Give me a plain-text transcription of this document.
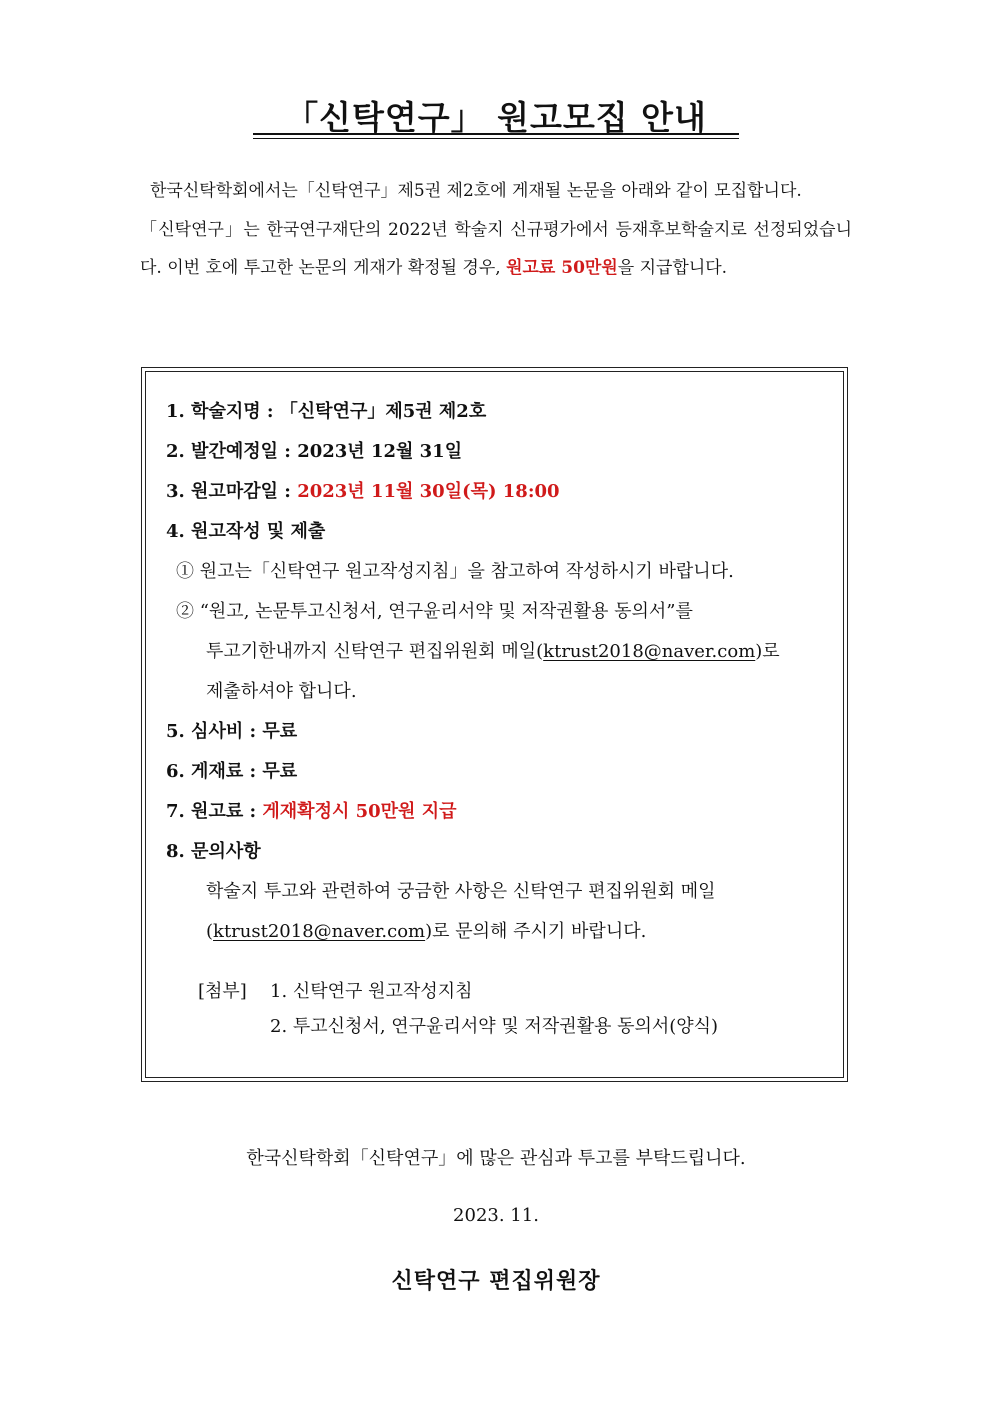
「신탁연구」 원고모집 안내

한국신탁학회에서는「신탁연구」제5권 제2호에 게재될 논문을 아래와 같이 모집합니다.

「신탁연구」는 한국연구재단의 2022년 학술지 신규평가에서 등재후보학술지로 선정되었습니다. 이번 호에 투고한 논문의 게재가 확정될 경우, 원고료 50만원을 지급합니다.

1. 학술지명 : 「신탁연구」제5권 제2호

2. 발간예정일 : 2023년 12월 31일

3. 원고마감일 : 2023년 11월 30일(목) 18:00

4. 원고작성 및 제출

① 원고는「신탁연구 원고작성지침」을 참고하여 작성하시기 바랍니다.

② “원고, 논문투고신청서, 연구윤리서약 및 저작권활용 동의서”를

투고기한내까지 신탁연구 편집위원회 메일(ktrust2018@naver.com)로

제출하셔야 합니다.

5. 심사비 : 무료

6. 게재료 : 무료

7. 원고료 : 게재확정시 50만원 지급

8. 문의사항

학술지 투고와 관련하여 궁금한 사항은 신탁연구 편집위원회 메일

(ktrust2018@naver.com)로 문의해 주시기 바랍니다.

[첨부] 1. 신탁연구 원고작성지침

2. 투고신청서, 연구윤리서약 및 저작권활용 동의서(양식)

한국신탁학회「신탁연구」에 많은 관심과 투고를 부탁드립니다.

2023. 11.

신탁연구 편집위원장
